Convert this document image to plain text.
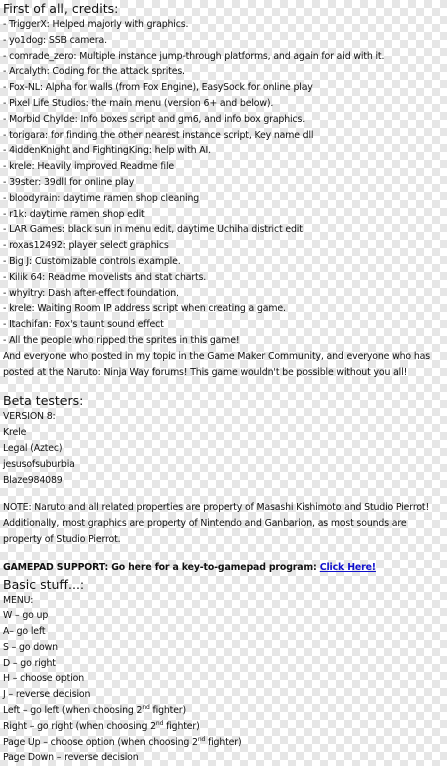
First of all, credits:
- TriggerX: Helped majorly with graphics.
- yo1dog: SSB camera.
- comrade_zero: Multiple instance jump-through platforms, and again for aid with it.
- Arcalyth: Coding for the attack sprites.
- Fox-NL: Alpha for walls (from Fox Engine), EasySock for online play
- Pixel Life Studios: the main menu (version 6+ and below).
- Morbid Chylde: Info boxes script and gm6, and info box graphics.
- torigara: for finding the other nearest instance script, Key name dll
- 4iddenKnight and FightingKing: help with AI.
- krele: Heavily improved Readme file
- 39ster: 39dll for online play
- bloodyrain: daytime ramen shop cleaning
- r1k: daytime ramen shop edit
- LAR Games: black sun in menu edit, daytime Uchiha district edit
- roxas12492: player select graphics
- Big J: Customizable controls example.
- Kilik 64: Readme movelists and stat charts.
- whyitry: Dash after-effect foundation.
- krele: Waiting Room IP address script when creating a game.
- Itachifan: Fox's taunt sound effect
- All the people who ripped the sprites in this game!
And everyone who posted in my topic in the Game Maker Community, and everyone who has posted at the Naruto: Ninja Way forums! This game wouldn't be possible without you all!
Beta testers:
VERSION 8:
Krele
Legal (Aztec)
jesusofsuburbia
Blaze984089
NOTE: Naruto and all related properties are property of Masashi Kishimoto and Studio Pierrot! Additionally, most graphics are property of Nintendo and Ganbarion, as most sounds are property of Studio Pierrot.
GAMEPAD SUPPORT: Go here for a key-to-gamepad program: Click Here!
Basic stuff...:
MENU:
W – go up
A– go left
S – go down
D – go right
H – choose option
J – reverse decision
Left – go left (when choosing 2nd fighter)
Right – go right (when choosing 2nd fighter)
Page Up – choose option (when choosing 2nd fighter)
Page Down – reverse decision
